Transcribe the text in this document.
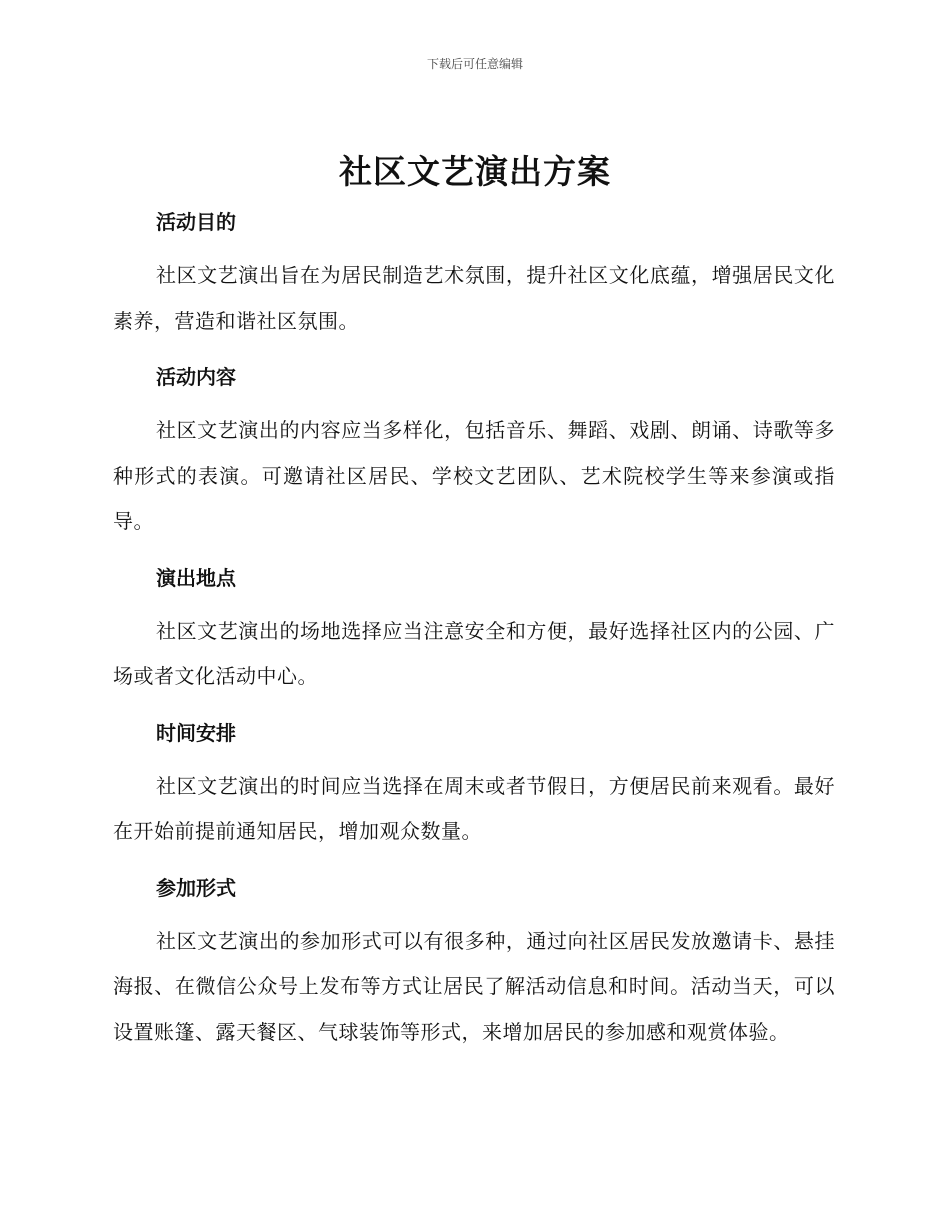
下载后可任意编辑
社区文艺演出方案
活动目的

社区文艺演出旨在为居民制造艺术氛围，提升社区文化底蕴，增强居民文化素养，营造和谐社区氛围。

活动内容

社区文艺演出的内容应当多样化，包括音乐、舞蹈、戏剧、朗诵、诗歌等多种形式的表演。可邀请社区居民、学校文艺团队、艺术院校学生等来参演或指导。

演出地点

社区文艺演出的场地选择应当注意安全和方便，最好选择社区内的公园、广场或者文化活动中心。

时间安排

社区文艺演出的时间应当选择在周末或者节假日，方便居民前来观看。最好在开始前提前通知居民，增加观众数量。

参加形式

社区文艺演出的参加形式可以有很多种，通过向社区居民发放邀请卡、悬挂海报、在微信公众号上发布等方式让居民了解活动信息和时间。活动当天，可以设置账篷、露天餐区、气球装饰等形式，来增加居民的参加感和观赏体验。
